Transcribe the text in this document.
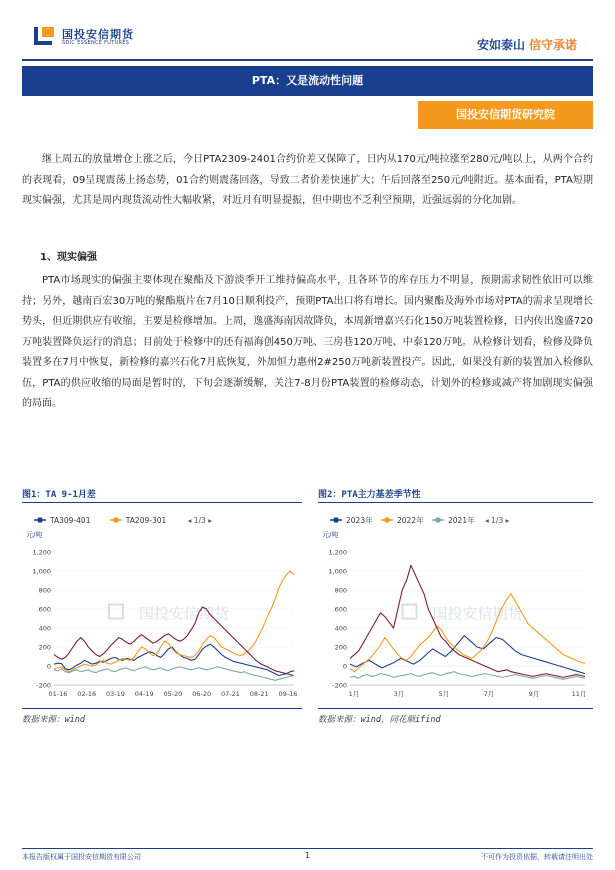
国投安信期货
SDIC ESSENCE FUTURES	安如泰山 信守承诺
PTA：又是流动性问题
国投安信期货研究院
继上周五的放量增仓上涨之后，今日PTA2309-2401合约价差又保障了，日内从170元/吨拉涨至280元/吨以上，从两个合约的表现看，09呈现震荡上扬态势，01合约则震荡回落，导致二者价差快速扩大；午后回落至250元/吨附近。基本面看，PTA短期现实偏强，尤其是周内现货流动性大幅收紧，对近月有明显提振，但中期也不乏利空预期，近强远弱的分化加剧。
1、现实偏强
PTA市场现实的偏强主要体现在聚酯及下游淡季开工维持偏高水平，且各环节的库存压力不明显，预期需求韧性依旧可以维持；另外，越南百宏30万吨的聚酯瓶片在7月10日顺利投产，预期PTA出口将有增长。国内聚酯及海外市场对PTA的需求呈现增长势头，但近期供应有收缩，主要是检修增加。上周，逸盛海南因故降负，本周新增嘉兴石化150万吨装置检修，日内传出逸盛720万吨装置降负运行的消息；目前处于检修中的还有福海创450万吨、三房巷120万吨、中泰120万吨。从检修计划看，检修及降负装置多在7月中恢复，新检修的嘉兴石化7月底恢复，外加恒力惠州2#250万吨新装置投产。因此，如果没有新的装置加入检修队伍，PTA的供应收缩的局面是暂时的，下旬会逐渐缓解，关注7-8月份PTA装置的检修动态，计划外的检修或减产将加剧现实偏强的局面。
图1：TA 9-1月差
TA309-401	TA209-301	◂ 1/3 ▸
元/吨
1,200
1,000
800
600
400
200
0
-200
国投安信期货
01-16 02-16 03-19 04-19 05-20 06-20 07-21 08-21 09-16
数据来源：wind
图2：PTA主力基差季节性
2023年	2022年	2021年 ◂ 1/3 ▸
元/吨
1,200
1,000
800
600
400
200
0
-200
国投安信期货
1月	3月	5月	7月	9月	11月
数据来源：wind，同花顺ifind
本报告版权属于国投安信期货有限公司	1	不可作为投资依据，转载请注明出处
